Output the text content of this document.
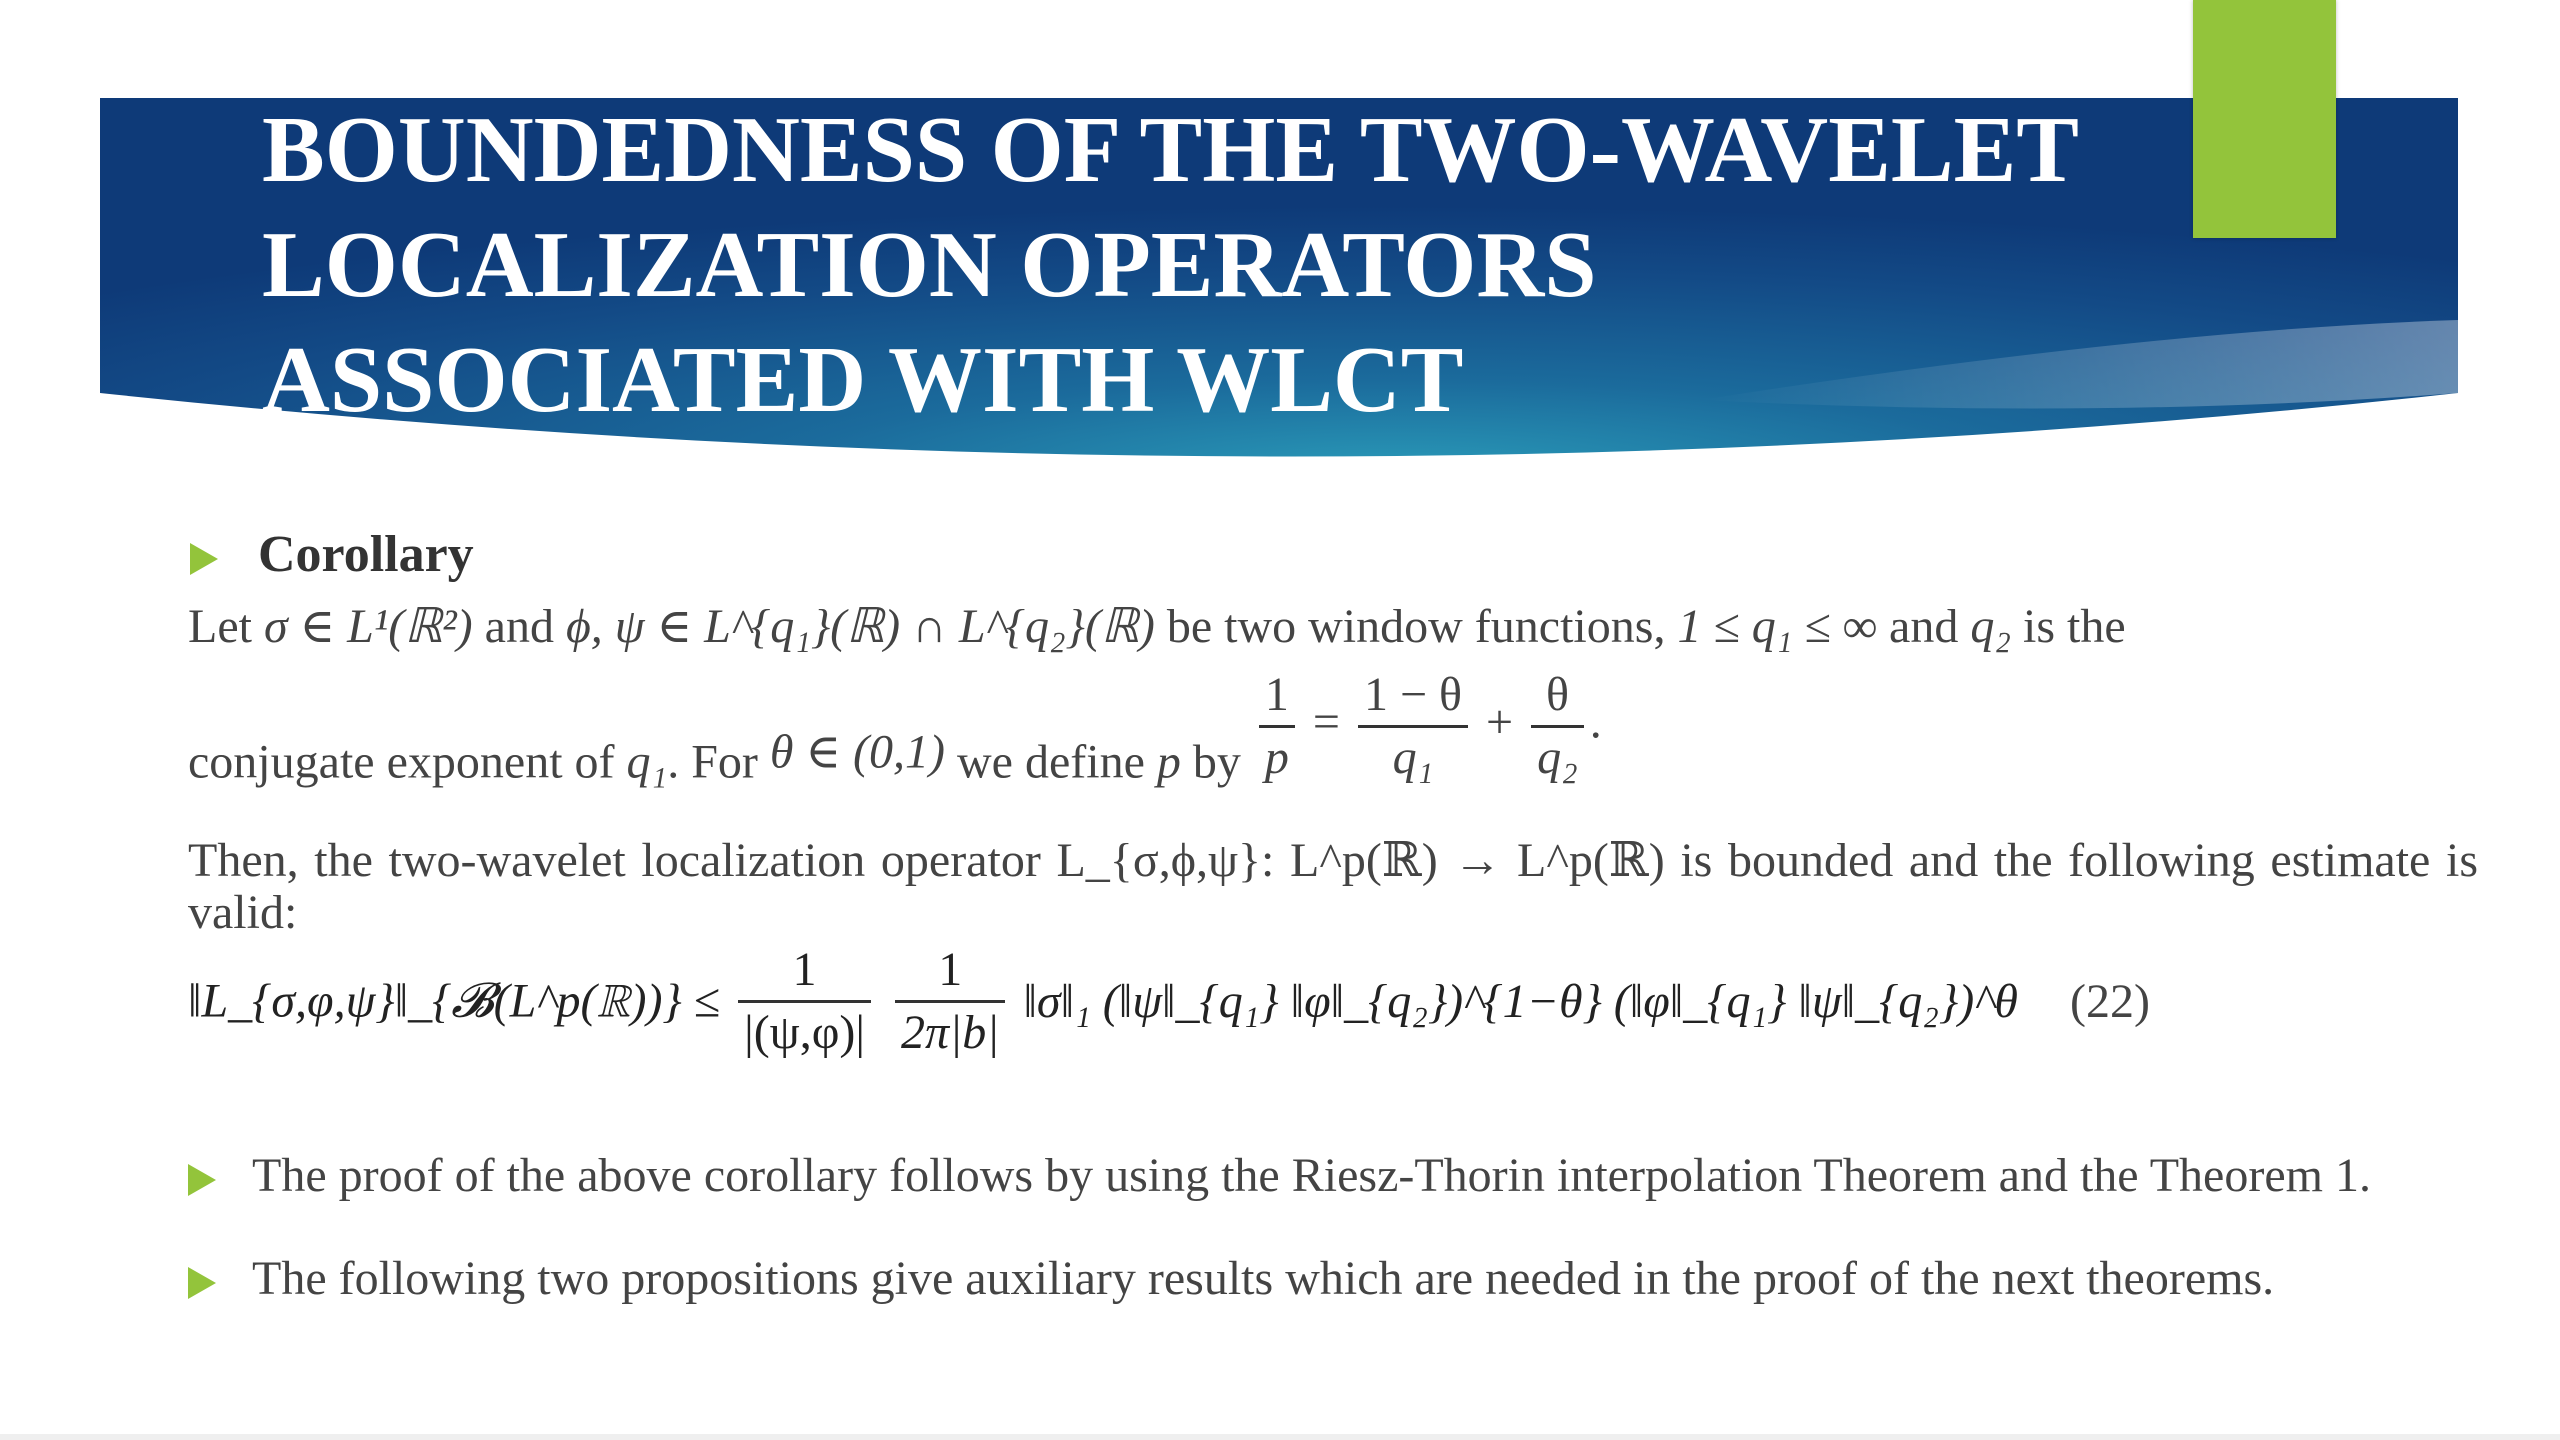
BOUNDEDNESS OF THE TWO-WAVELET
LOCALIZATION OPERATORS
ASSOCIATED WITH WLCT
Corollary
Let σ ∈ L¹(ℝ²) and ϕ, ψ ∈ L^{q₁}(ℝ) ∩ L^{q₂}(ℝ) be two window functions, 1 ≤ q₁ ≤ ∞ and q₂ is the
conjugate exponent of q₁. For θ ∈ (0,1) we define p by $\frac{1}{p} = \frac{1 - \theta}{\text{q₁}} + \frac{\theta}{\text{q₂}}$ .
Then, the two-wavelet localization operator L_{σ,ϕ,ψ}: L^p(ℝ) → L^p(ℝ) is bounded and the following estimate is valid:
‖L_{σ,φ,ψ}‖_{𝓑(L^p(ℝ))} ≤ $\frac{1}{|(\psi,\varphi)|}$
$\frac{1}{2\pi|b|}$ ‖σ‖₁ (‖ψ‖_{q₁} ‖φ‖_{q₂})^{1−θ} (‖φ‖_{q₁} ‖ψ‖_{q₂})^θ (22)
The proof of the above corollary follows by using the Riesz-Thorin interpolation Theorem and the Theorem 1.
The following two propositions give auxiliary results which are needed in the proof of the next theorems.
